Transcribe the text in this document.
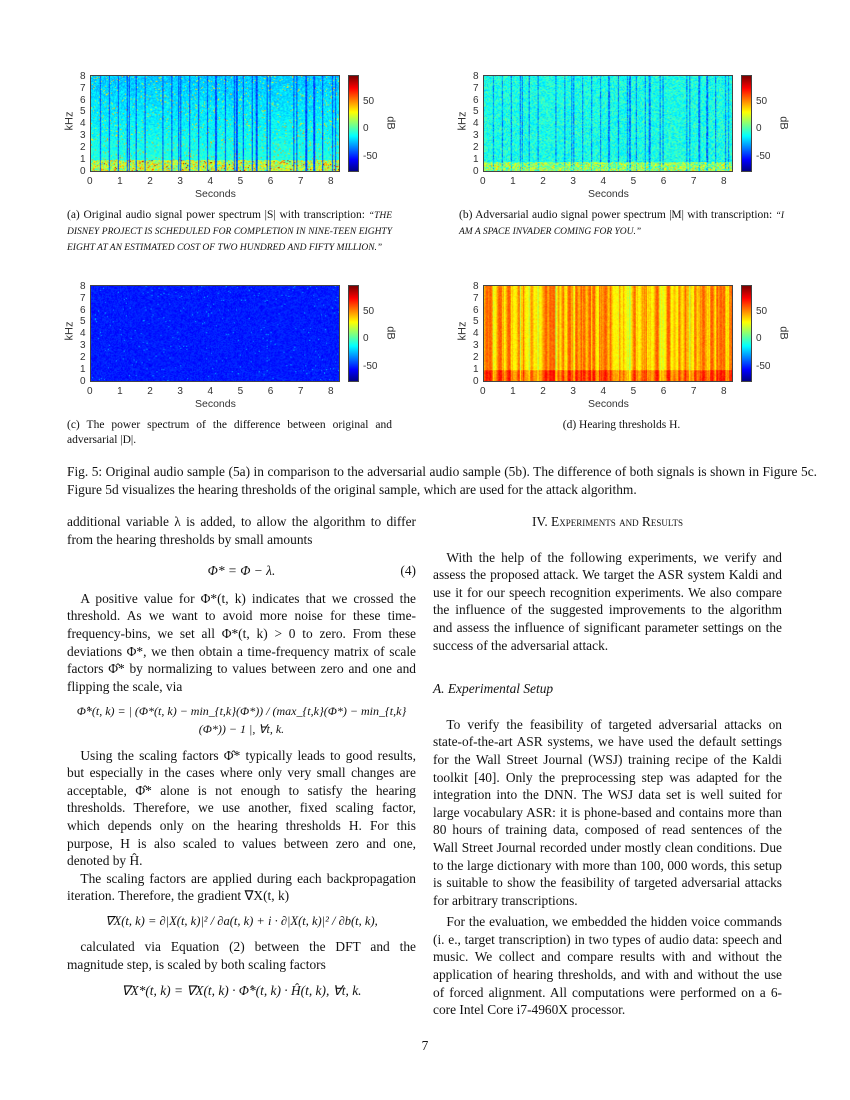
0
1
2
3
4
5
6
7
8
0 1 2 3 4 5 6 7 8
kHz
Seconds
50
0
-50
dB
(a) Original audio signal power spectrum |S| with transcription: “THE DISNEY PROJECT IS SCHEDULED FOR COMPLETION IN NINE-TEEN EIGHTY EIGHT AT AN ESTIMATED COST OF TWO HUNDRED AND FIFTY MILLION.”
0
1
2
3
4
5
6
7
8
0 1 2 3 4 5 6 7 8
kHz
Seconds
50
0
-50
dB
(b) Adversarial audio signal power spectrum |M| with transcription: “I AM A SPACE INVADER COMING FOR YOU.”
0
1
2
3
4
5
6
7
8
0 1 2 3 4 5 6 7 8
kHz
Seconds
50
0
-50
dB
(c) The power spectrum of the difference between original and adversarial |D|.
0
1
2
3
4
5
6
7
8
0 1 2 3 4 5 6 7 8
kHz
Seconds
50
0
-50
dB
(d) Hearing thresholds H.
Fig. 5: Original audio sample (5a) in comparison to the adversarial audio sample (5b). The difference of both signals is shown in Figure 5c. Figure 5d visualizes the hearing thresholds of the original sample, which are used for the attack algorithm.

additional variable λ is added, to allow the algorithm to differ from the hearing thresholds by small amounts

Φ* = Φ − λ.	(4)

A positive value for Φ*(t, k) indicates that we crossed the threshold. As we want to avoid more noise for these time-frequency-bins, we set all Φ*(t, k) > 0 to zero. From these deviations Φ*, we then obtain a time-frequency matrix of scale factors Φ̂* by normalizing to values between zero and one and flipping the scale, via

Φ̂*(t, k) = | (Φ*(t, k) − min_{t,k}(Φ*)) / (max_{t,k}(Φ*) − min_{t,k}(Φ*)) − 1 |, ∀t, k.

Using the scaling factors Φ̂* typically leads to good results, but especially in the cases where only very small changes are acceptable, Φ̂* alone is not enough to satisfy the hearing thresholds. Therefore, we use another, fixed scaling factor, which depends only on the hearing thresholds H. For this purpose, H is also scaled to values between zero and one, denoted by Ĥ.

The scaling factors are applied during each backpropagation iteration. Therefore, the gradient ∇X(t, k)

∇X(t, k) = ∂|X(t, k)|² / ∂a(t, k) + i · ∂|X(t, k)|² / ∂b(t, k),

calculated via Equation (2) between the DFT and the magnitude step, is scaled by both scaling factors

∇X*(t, k) = ∇X(t, k) · Φ̂*(t, k) · Ĥ(t, k), ∀t, k.
IV. Experiments and Results

With the help of the following experiments, we verify and assess the proposed attack. We target the ASR system Kaldi and use it for our speech recognition experiments. We also compare the influence of the suggested improvements to the algorithm and assess the influence of significant parameter settings on the success of the adversarial attack.

A. Experimental Setup

To verify the feasibility of targeted adversarial attacks on state-of-the-art ASR systems, we have used the default settings for the Wall Street Journal (WSJ) training recipe of the Kaldi toolkit [40]. Only the preprocessing step was adapted for the integration into the DNN. The WSJ data set is well suited for large vocabulary ASR: it is phone-based and contains more than 80 hours of training data, composed of read sentences of the Wall Street Journal recorded under mostly clean conditions. Due to the large dictionary with more than 100, 000 words, this setup is suitable to show the feasibility of targeted adversarial attacks for arbitrary transcriptions.

For the evaluation, we embedded the hidden voice commands (i. e., target transcription) in two types of audio data: speech and music. We collect and compare results with and without the application of hearing thresholds, and with and without the use of forced alignment. All computations were performed on a 6-core Intel Core i7-4960X processor.

7
